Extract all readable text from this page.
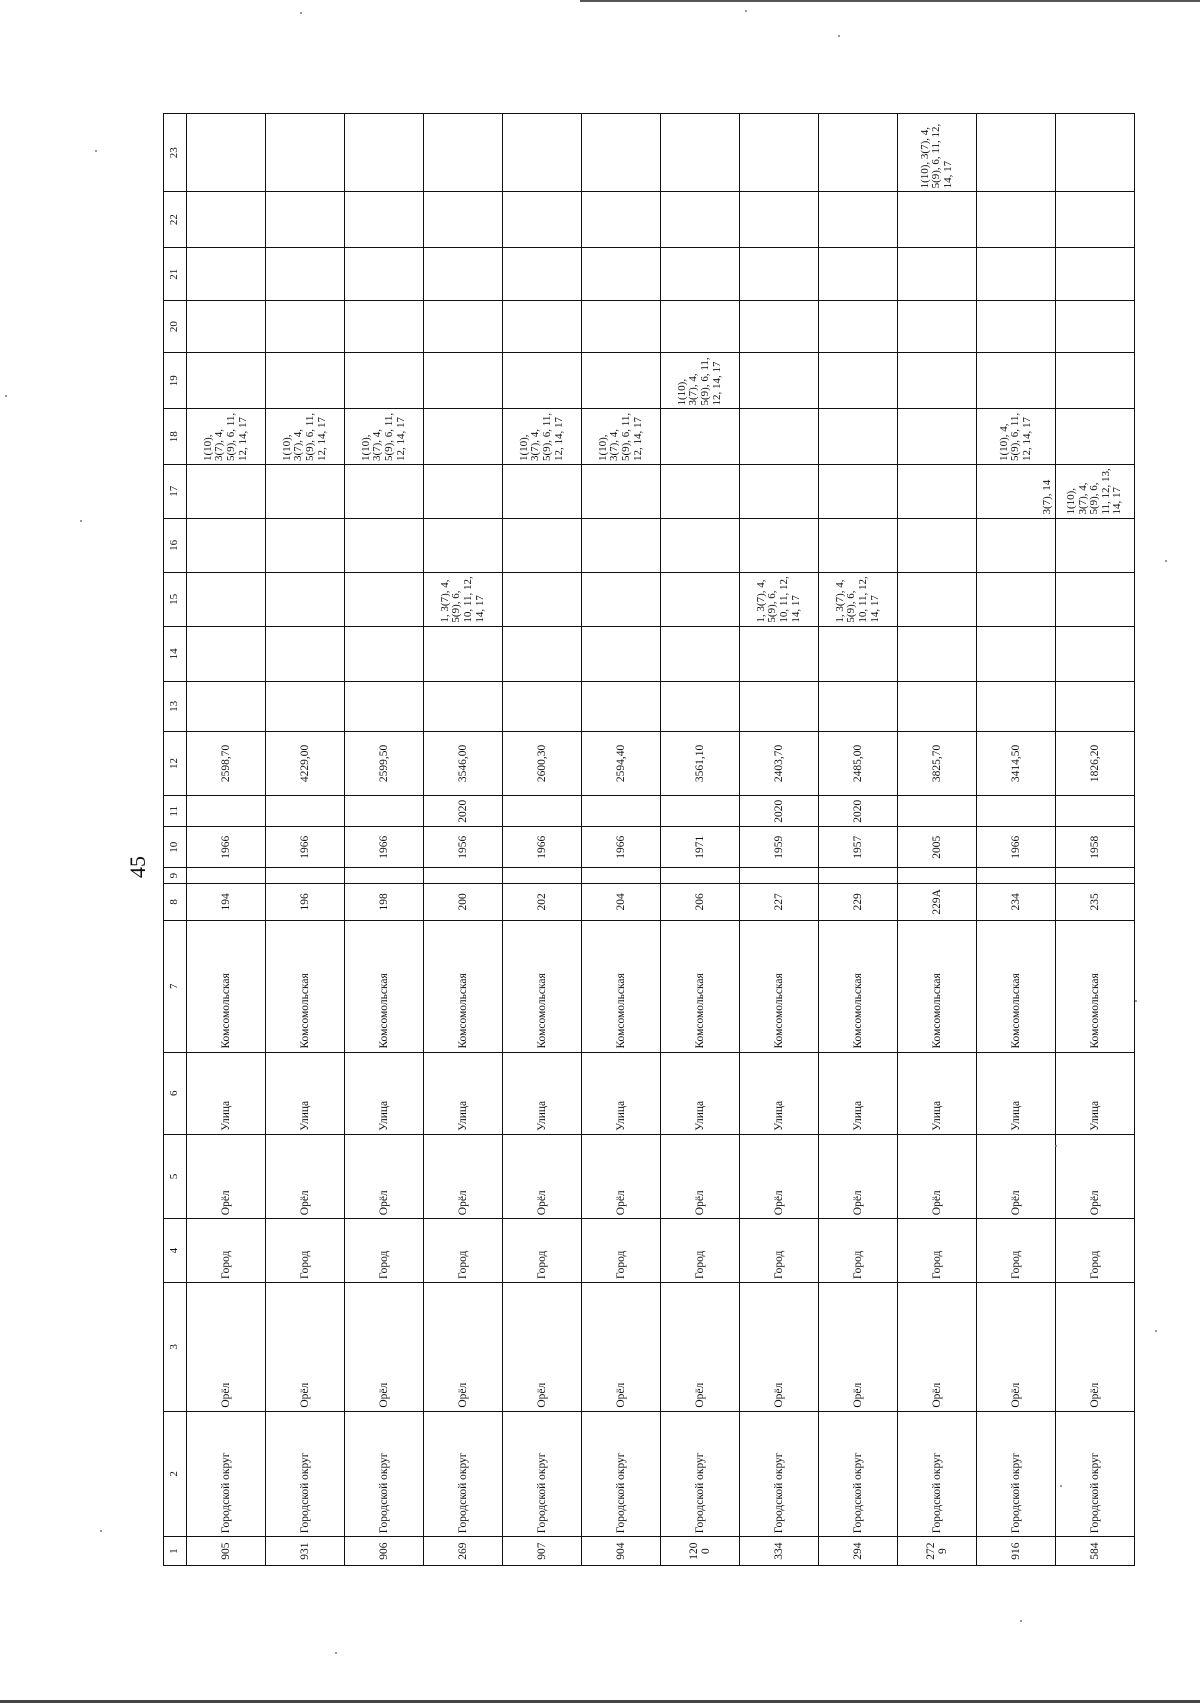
45
1	2	3	4	5	6	7	8	9	10	11	12	13	14	15	16	17	18	19	20	21	22	23
905	Городской округ	Орёл	Город	Орёл	Улица	Комсомольская	194		1966		2598,70						1(10), 3(7), 4, 5(9), 6, 11, 12, 14, 17					
931	Городской округ	Орёл	Город	Орёл	Улица	Комсомольская	196		1966		4229,00						1(10), 3(7), 4, 5(9), 6, 11, 12, 14, 17					
906	Городской округ	Орёл	Город	Орёл	Улица	Комсомольская	198		1966		2599,50						1(10), 3(7), 4, 5(9), 6, 11, 12, 14, 17					
269	Городской округ	Орёл	Город	Орёл	Улица	Комсомольская	200		1956	2020	3546,00			1, 3(7), 4, 5(9), 6, 10, 11, 12, 14, 17								
907	Городской округ	Орёл	Город	Орёл	Улица	Комсомольская	202		1966		2600,30						1(10), 3(7), 4, 5(9), 6, 11, 12, 14, 17					
904	Городской округ	Орёл	Город	Орёл	Улица	Комсомольская	204		1966		2594,40						1(10), 3(7), 4, 5(9), 6, 11, 12, 14, 17					
1200	Городской округ	Орёл	Город	Орёл	Улица	Комсомольская	206		1971		3561,10							1(10), 3(7), 4, 5(9), 6, 11, 12, 14, 17				
334	Городской округ	Орёл	Город	Орёл	Улица	Комсомольская	227		1959	2020	2403,70			1, 3(7), 4, 5(9), 6, 10, 11, 12, 14, 17								
294	Городской округ	Орёл	Город	Орёл	Улица	Комсомольская	229		1957	2020	2485,00			1, 3(7), 4, 5(9), 6, 10, 11, 12, 14, 17								
2729	Городской округ	Орёл	Город	Орёл	Улица	Комсомольская	229А		2005		3825,70											1(10), 3(7), 4, 5(9), 6, 11, 12, 14, 17
916	Городской округ	Орёл	Город	Орёл	Улица	Комсомольская	234		1966		3414,50					3(7), 14	1(10), 4, 5(9), 6, 11, 12, 14, 17					
584	Городской округ	Орёл	Город	Орёл	Улица	Комсомольская	235		1958		1826,20					1(10), 3(7), 4, 5(9), 6, 11, 12, 13, 14, 17						
